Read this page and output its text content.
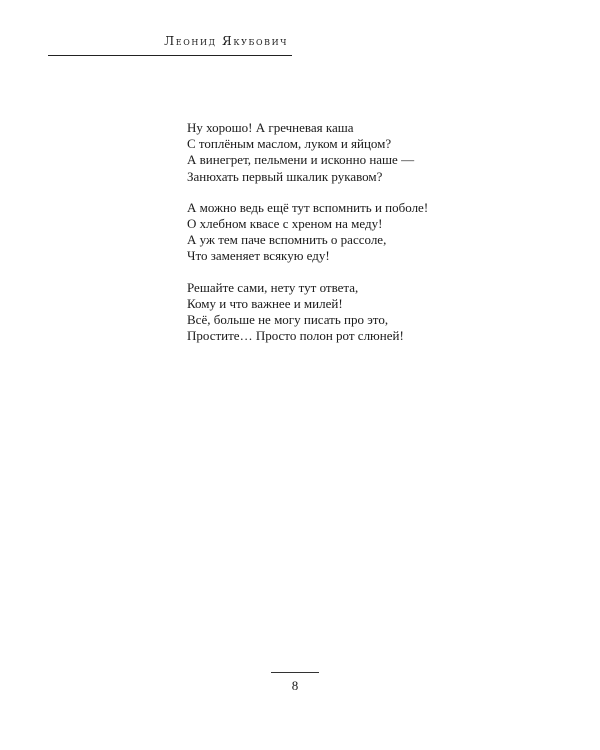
Леонид Якубович
Ну хорошо! А гречневая каша
С топлёным маслом, луком и яйцом?
А винегрет, пельмени и исконно наше —
Занюхать первый шкалик рукавом?
А можно ведь ещё тут вспомнить и поболе!
О хлебном квасе с хреном на меду!
А уж тем паче вспомнить о рассоле,
Что заменяет всякую еду!
Решайте сами, нету тут ответа,
Кому и что важнее и милей!
Всё, больше не могу писать про это,
Простите… Просто полон рот слюней!
8
